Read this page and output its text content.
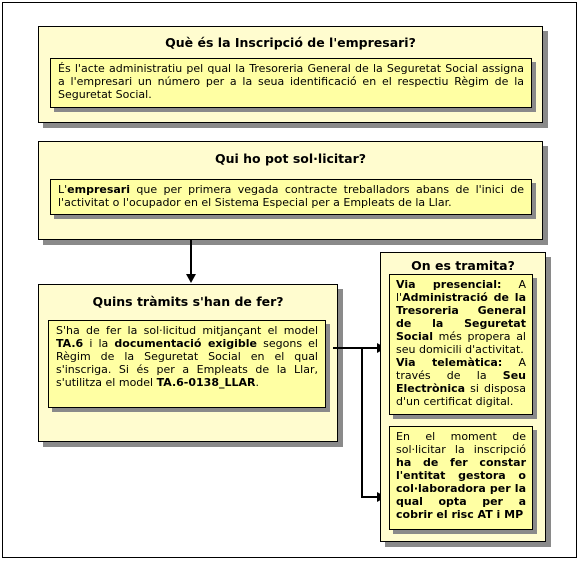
Què és la Inscripció de l'empresari?
És l'acte administratiu pel qual la Tresoreria General de la Seguretat Social assigna a l'empresari un número per a la seua identificació en el respectiu Règim de la Seguretat Social.
Qui ho pot sol·licitar?
L'empresari que per primera vegada contracte treballadors abans de l'inici de l'activitat o l'ocupador en el Sistema Especial per a Empleats de la Llar.
Quins tràmits s'han de fer?
S'ha de fer la sol·licitud mitjançant el model TA.6 i la documentació exigible segons el Règim de la Seguretat Social en el qual s'inscriga. Si és per a Empleats de la Llar, s'utilitza el model TA.6-0138_LLAR.
On es tramita?
Via presencial: A l'Administració de la Tresoreria General de la Seguretat Social més propera al seu domicili d'activitat.
Via telemàtica: A través de la Seu Electrònica si disposa d'un certificat digital.
En el moment de sol·licitar la inscripció ha de fer constar l'entitat gestora o col·laboradora per la qual opta per a cobrir el risc AT i MP
